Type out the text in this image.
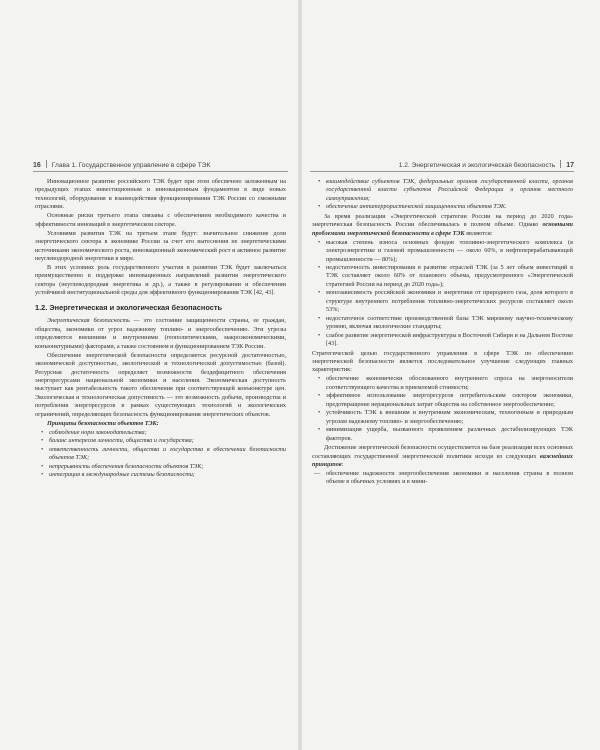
16 Глава 1. Государственное управление в сфере ТЭК

Инновационное развитие российского ТЭК будет при этом обеспечено заложенным на предыдущих этапах инвестиционным и инновационным фундаментом в виде новых технологий, оборудования и взаимодействия функционирования ТЭК России со смежными отраслями.

Основные риски третьего этапа связаны с обеспечением необходимого качества и эффективности инноваций в энергетическом секторе.

Условиями развития ТЭК на третьем этапе будут: значительное снижение доли энергетического сектора в экономике России за счет его вытеснения не энергетическими источниками экономического роста, инновационный экономический рост и активное развитие неуглеводородной энергетики в мире.

В этих условиях роль государственного участия в развитии ТЭК будет заключаться преимущественно в поддержке инновационных направлений развития энергетического сектора (неуглеводородная энергетика и др.), а также в регулировании и обеспечении устойчивой институциональной среды для эффективного функционирования ТЭК [42, 43].

1.2. Энергетическая и экологическая безопасность

Энергетическая безопасность — это состояние защищенности страны, ее граждан, общества, экономики от угроз надежному топливо- и энергообеспечению. Эти угрозы определяются внешними и внутренними (геополитическими, макроэкономическими, конъюнктурными) факторами, а также состоянием и функционированием ТЭК России.

Обеспечение энергетической безопасности определяется ресурсной достаточностью, экономической доступностью, экологической и технологической допустимостью (базой). Ресурсная достаточность определяет возможности бездефицитного обеспечения энергоресурсами национальной экономики и населения. Экономическая доступность выступает как рентабельность такого обеспечения при соответствующей конъюнктуре цен. Экологическая и технологическая допустимость — это возможность добычи, производства и потребления энергоресурсов в рамках существующих технологий и экологических ограничений, определяющих безопасность функционирования энергетических объектов.

Принципы безопасности объектов ТЭК:

• соблюдение норм законодательства;
• баланс интересов личности, общества и государства;
• ответственность личности, общества и государства в обеспечении безопасности объектов ТЭК;
• непрерывность обеспечения безопасности объектов ТЭК;
• интеграция в международные системы безопасности;
1.2. Энергетическая и экологическая безопасность 17
• взаимодействие субъектов ТЭК, федеральных органов государственной власти, органов государственной власти субъектов Российской Федерации и органов местного самоуправления;
• обеспечение антитеррористической защищенности объектов ТЭК.

За время реализации «Энергетической стратегии России на период до 2020 года» энергетическая безопасность России обеспечивалась в полном объеме. Однако основными проблемами энергетической безопасности в сфере ТЭК являются:

• высокая степень износа основных фондов топливно-энергетического комплекса (в электроэнергетике и газовой промышленности — около 60%, в нефтеперерабатывающей промышленности — 80%);
• недостаточность инвестирования в развитие отраслей ТЭК (за 5 лет объем инвестиций в ТЭК составляет около 60% от планового объема, предусмотренного «Энергетической стратегией России на период до 2020 года»);
• монозависимость российской экономики и энергетики от природного газа, доля которого в структуре внутреннего потребления топливно-энергетических ресурсов составляет около 53%;
• недостаточное соответствие производственной базы ТЭК мировому научно-техническому уровню, включая экологические стандарты;
• слабое развитие энергетической инфраструктуры в Восточной Сибири и на Дальнем Востоке [43].

Стратегической целью государственного управления в сфере ТЭК по обеспечению энергетической безопасности является последовательное улучшение следующих главных характеристик:

• обеспечение экономически обоснованного внутреннего спроса на энергоносители соответствующего качества и приемлемой стоимости;
• эффективное использование энергоресурсов потребительским сектором экономики, предотвращение нерациональных затрат общества на собственное энергообеспечение;
• устойчивость ТЭК к внешним и внутренним экономическим, техногенным и природным угрозам надежному топливо- и энергообеспечению;
• минимизация ущерба, вызванного проявлением различных дестабилизирующих ТЭК факторов.

Достижение энергетической безопасности осуществляется на базе реализации всех основных составляющих государственной энергетической политики исходя из следующих важнейших принципов:

— обеспечение надежности энергообеспечения экономики и населения страны в полном объеме в обычных условиях и в мини-
